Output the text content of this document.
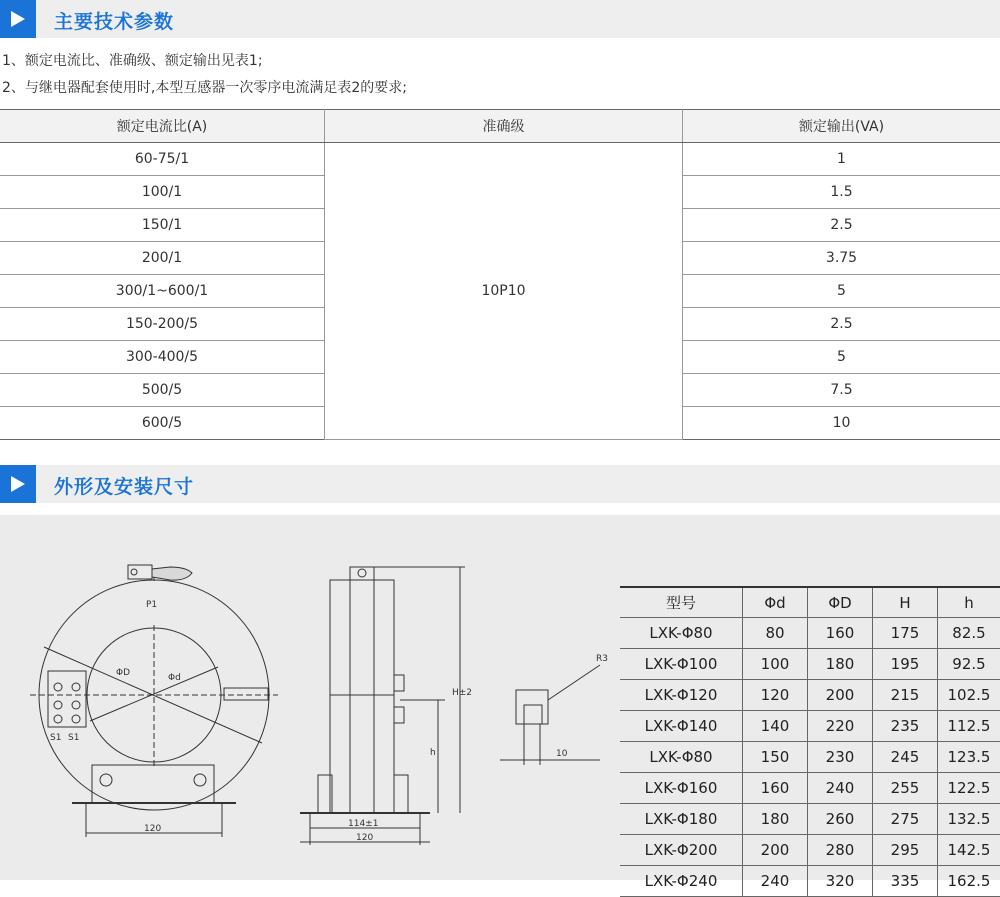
主要技术参数
1、额定电流比、准确级、额定输出见表1;
2、与继电器配套使用时,本型互感器一次零序电流满足表2的要求;
额定电流比(A)	准确级	额定输出(VA)
60-75/1	10P10	1
100/1		1.5
150/1		2.5
200/1		3.75
300/1~600/1		5
150-200/5		2.5
300-400/5		5
500/5		7.5
600/5		10
外形及安装尺寸
P1
S1 S1
ΦD	Φd
120	114±1
120
h
H±2
R3
10
型号	Φd	ΦD	H	h
LXK-Φ80	80	160	175	82.5
LXK-Φ100	100	180	195	92.5
LXK-Φ120	120	200	215	102.5
LXK-Φ140	140	220	235	112.5
LXK-Φ80	150	230	245	123.5
LXK-Φ160	160	240	255	122.5
LXK-Φ180	180	260	275	132.5
LXK-Φ200	200	280	295	142.5
LXK-Φ240	240	320	335	162.5
